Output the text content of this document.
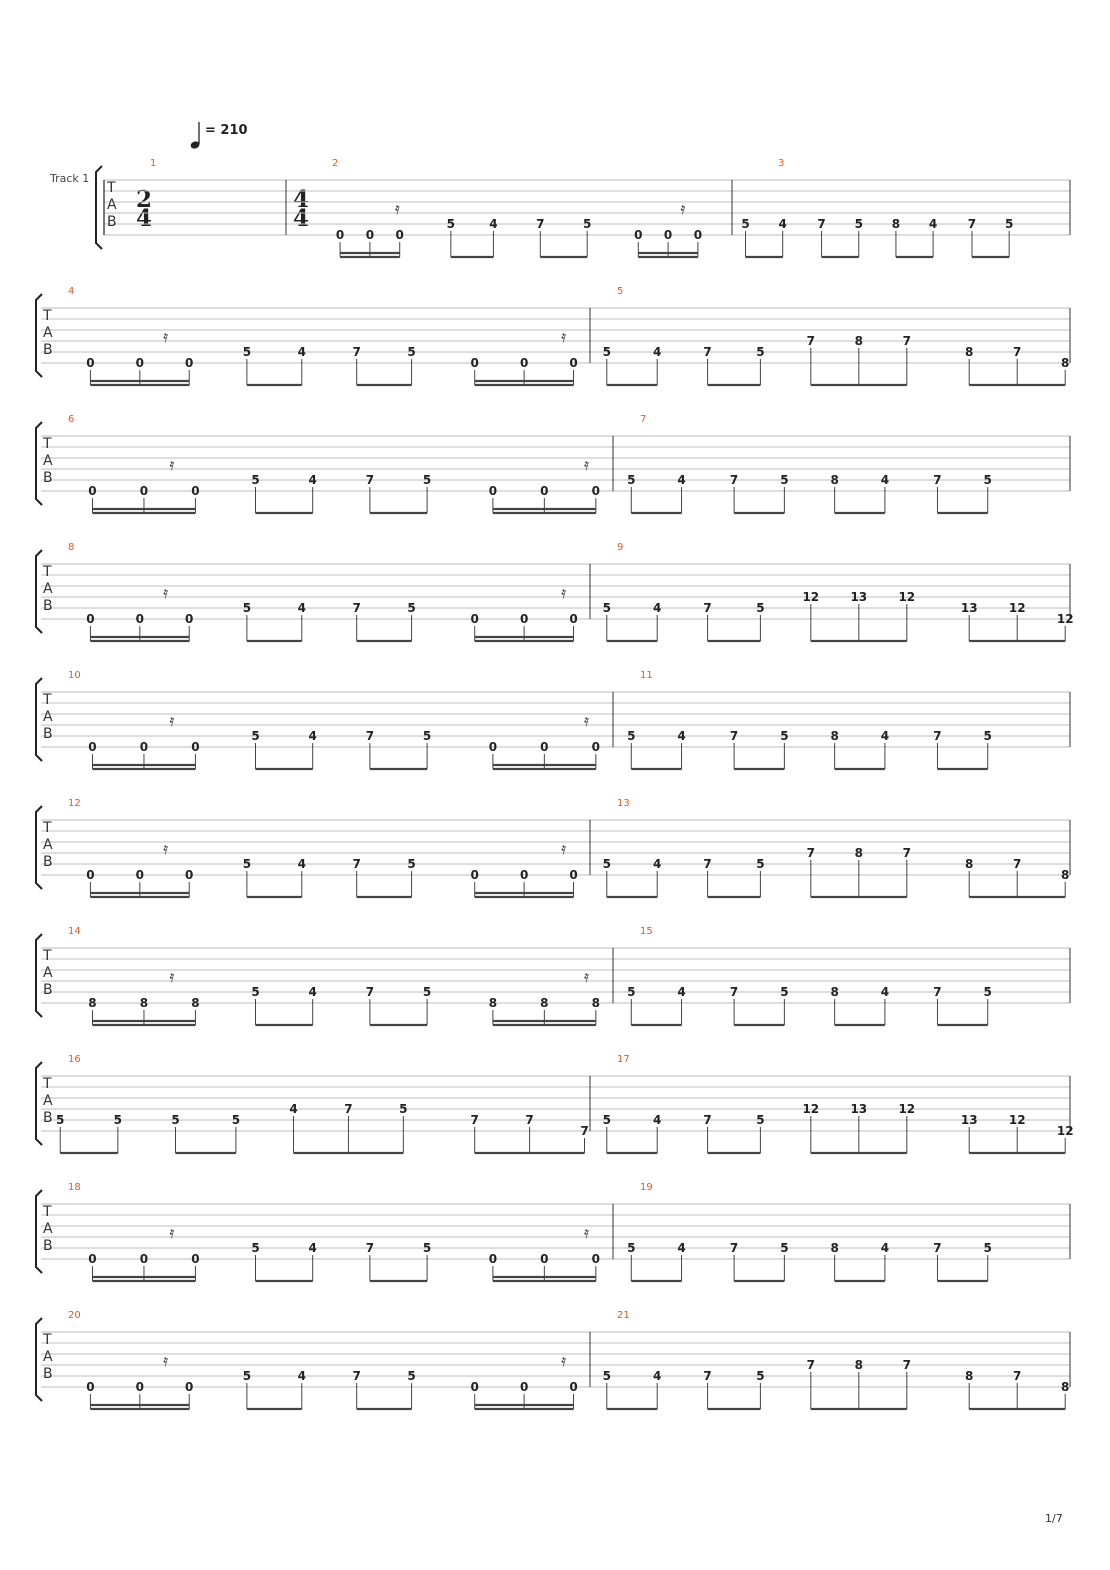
= 210
Track 1
2
4
4
4
T
A
B
1	2
0 0 0
5	4	7	5
0 0 0
𝄿	𝄿
3
5 4	7 5 8 4	7 5
T
A
B
4
0	0	0
5	4	7	5
0	0	0
𝄿	𝄿
5
5	4	7	5
7	8	7
8	7
8
T
A
B
6
0	0	0
5	4	7	5
0	0	0
𝄿	𝄿
7
5	4	7	5	8	4	7	5
T
A
B
8
0	0	0
5	4	7	5
0	0	0
𝄿	𝄿
9
5	4	7	5
12	13	12
13	12
12
T
A
B
10
0	0	0
5	4	7	5
0	0	0
𝄿	𝄿
11
5	4	7	5	8	4	7	5
T
A
B
12
0	0	0
5	4	7	5
0	0	0
𝄿	𝄿
13
5	4	7	5
7	8	7
8	7
8
T
A
B
14
8	8	8
5	4	7	5
8	8	8
𝄿	𝄿
15
5	4	7	5	8	4	7	5
T
A
B
16
5	5	5	5
4	7	5
7	7
7
17
5	4	7	5
12	13	12
13	12
12
T
A
B
18
0	0	0
5	4	7	5
0	0	0
𝄿	𝄿
19
5	4	7	5	8	4	7	5
T
A
B
20
0	0	0
5	4	7	5
0	0	0
𝄿	𝄿
21
5	4	7	5
7	8	7
8	7
8
1/7
